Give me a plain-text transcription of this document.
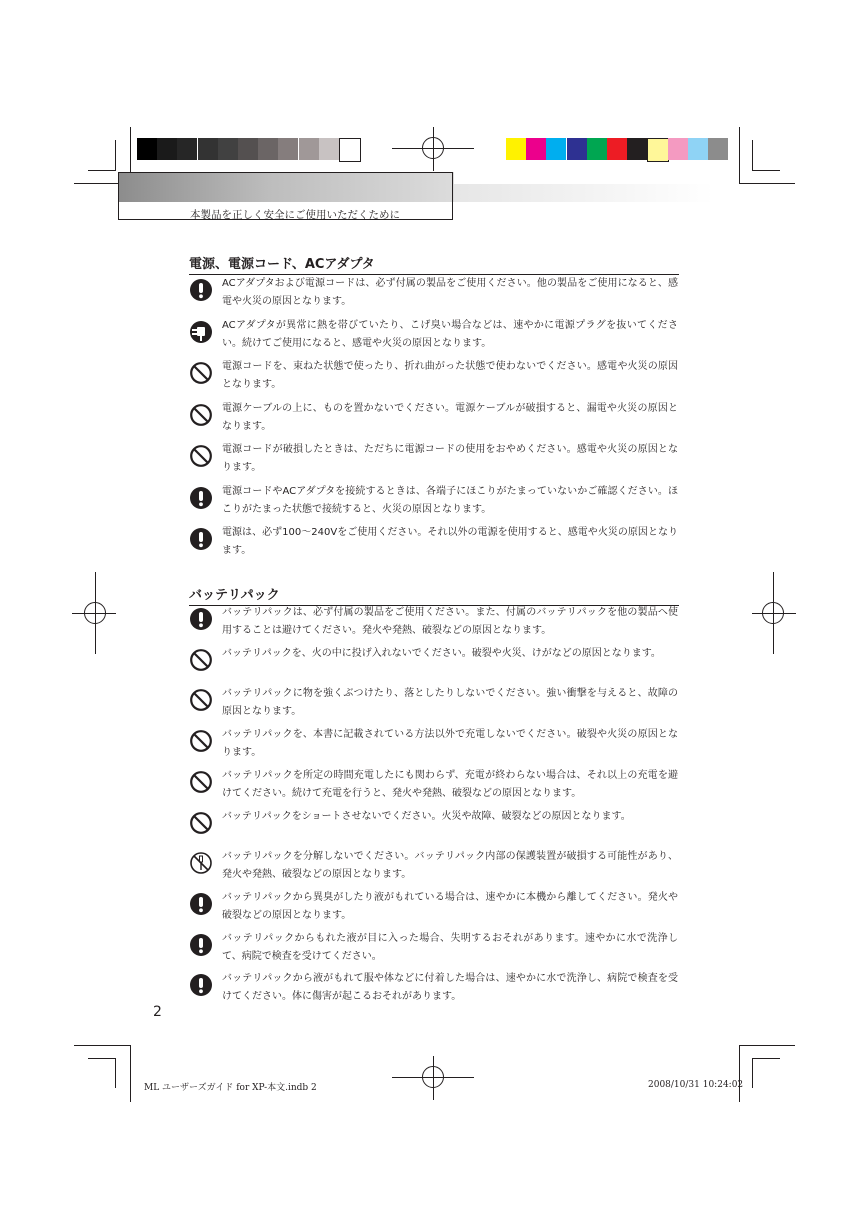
本製品を正しく安全にご使用いただくために
電源、電源コード、ACアダプタ
ACアダプタおよび電源コードは、必ず付属の製品をご使用ください。他の製品をご使用になると、感電や火災の原因となります。
ACアダプタが異常に熱を帯びていたり、こげ臭い場合などは、速やかに電源プラグを抜いてください。続けてご使用になると、感電や火災の原因となります。
電源コードを、束ねた状態で使ったり、折れ曲がった状態で使わないでください。感電や火災の原因となります。
電源ケーブルの上に、ものを置かないでください。電源ケーブルが破損すると、漏電や火災の原因となります。
電源コードが破損したときは、ただちに電源コードの使用をおやめください。感電や火災の原因となります。
電源コードやACアダプタを接続するときは、各端子にほこりがたまっていないかご確認ください。ほこりがたまった状態で接続すると、火災の原因となります。
電源は、必ず100〜240Vをご使用ください。それ以外の電源を使用すると、感電や火災の原因となります。
バッテリパック
バッテリパックは、必ず付属の製品をご使用ください。また、付属のバッテリパックを他の製品へ使用することは避けてください。発火や発熱、破裂などの原因となります。
バッテリパックを、火の中に投げ入れないでください。破裂や火災、けがなどの原因となります。
バッテリパックに物を強くぶつけたり、落としたりしないでください。強い衝撃を与えると、故障の原因となります。
バッテリパックを、本書に記載されている方法以外で充電しないでください。破裂や火災の原因となります。
バッテリパックを所定の時間充電したにも関わらず、充電が終わらない場合は、それ以上の充電を避けてください。続けて充電を行うと、発火や発熱、破裂などの原因となります。
バッテリパックをショートさせないでください。火災や故障、破裂などの原因となります。
バッテリパックを分解しないでください。バッテリパック内部の保護装置が破損する可能性があり、発火や発熱、破裂などの原因となります。
バッテリパックから異臭がしたり液がもれている場合は、速やかに本機から離してください。発火や破裂などの原因となります。
バッテリパックからもれた液が目に入った場合、失明するおそれがあります。速やかに水で洗浄して、病院で検査を受けてください。
バッテリパックから液がもれて服や体などに付着した場合は、速やかに水で洗浄し、病院で検査を受けてください。体に傷害が起こるおそれがあります。
2
ML ユーザーズガイド for XP-本文.indb 2	2008/10/31 10:24:02
